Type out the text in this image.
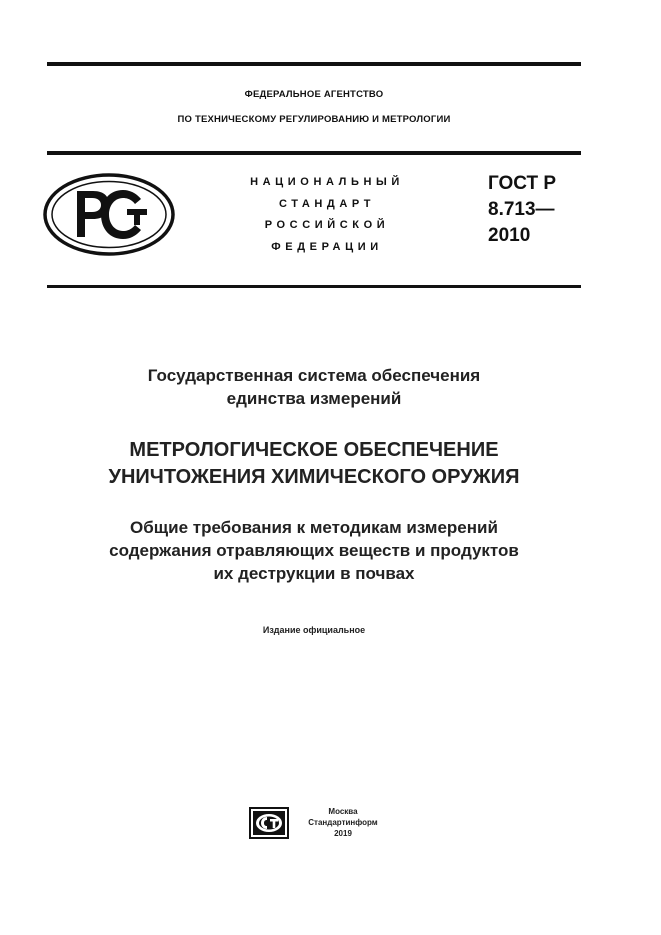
ФЕДЕРАЛЬНОЕ АГЕНТСТВО
ПО ТЕХНИЧЕСКОМУ РЕГУЛИРОВАНИЮ И МЕТРОЛОГИИ
НАЦИОНАЛЬНЫЙ
СТАНДАРТ
РОССИЙСКОЙ
ФЕДЕРАЦИИ
ГОСТ Р
8.713—
2010
Государственная система обеспечения
единства измерений
МЕТРОЛОГИЧЕСКОЕ ОБЕСПЕЧЕНИЕ
УНИЧТОЖЕНИЯ ХИМИЧЕСКОГО ОРУЖИЯ
Общие требования к методикам измерений
содержания отравляющих веществ и продуктов
их деструкции в почвах
Издание официальное
Москва
Стандартинформ
2019
